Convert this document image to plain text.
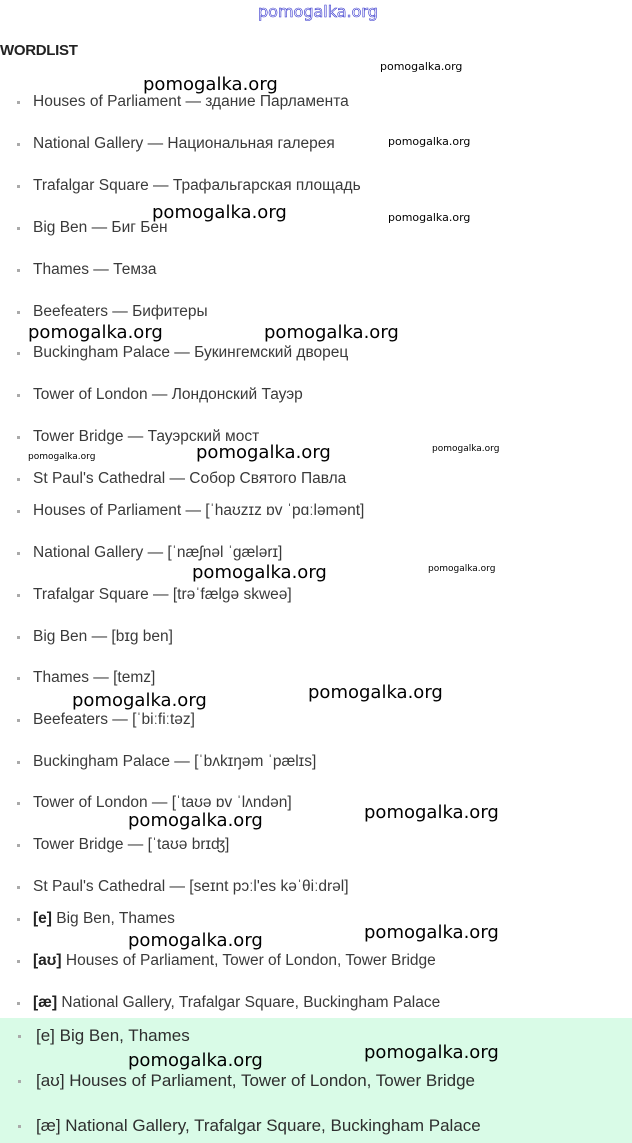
WORDLIST
Houses of Parliament — здание Парламента
National Gallery — Национальная галерея
Trafalgar Square — Трафальгарская площадь
Big Ben — Биг Бен
Thames — Темза
Beefeaters — Бифитеры
Buckingham Palace — Букингемский дворец
Tower of London — Лондонский Тауэр
Tower Bridge — Тауэрский мост
St Paul's Cathedral — Собор Святого Павла
Houses of Parliament — [ˈhaʊzɪz ɒv ˈpɑːləmənt]
National Gallery — [ˈnæʃnəl ˈɡælərɪ]
Trafalgar Square — [trəˈfælɡə skweə]
Big Ben — [bɪɡ ben]
Thames — [temz]
Beefeaters — [ˈbiːfiːtəz]
Buckingham Palace — [ˈbʌkɪŋəm ˈpælɪs]
Tower of London — [ˈtaʊə ɒv ˈlʌndən]
Tower Bridge — [ˈtaʊə brɪʤ]
St Paul's Cathedral — [seɪnt pɔːl'es kəˈθiːdrəl]
[e] Big Ben, Thames
[aʊ] Houses of Parliament, Tower of London, Tower Bridge
[æ] National Gallery, Trafalgar Square, Buckingham Palace
[e] Big Ben, Thames
[aʊ] Houses of Parliament, Tower of London, Tower Bridge
[æ] National Gallery, Trafalgar Square, Buckingham Palace
pomogalka.org
pomogalka.org
pomogalka.org
pomogalka.org
pomogalka.org	pomogalka.org
pomogalka.org	pomogalka.org
pomogalka.org	pomogalka.org	pomogalka.org
pomogalka.org	pomogalka.org
pomogalka.org	pomogalka.org
pomogalka.org	pomogalka.org
pomogalka.org	pomogalka.org
pomogalka.org	pomogalka.org
